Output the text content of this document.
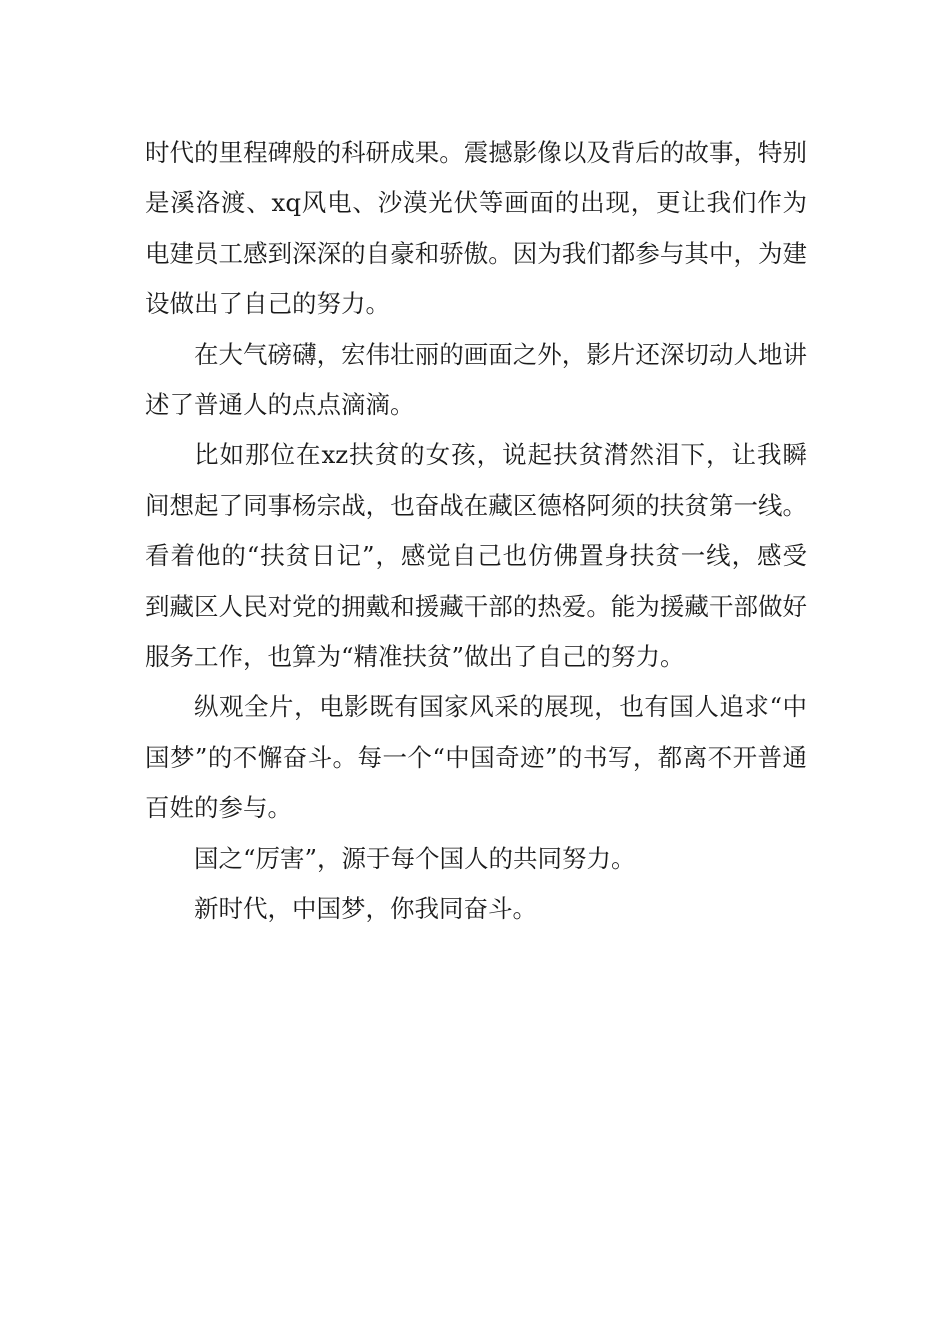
时代的里程碑般的科研成果。震撼影像以及背后的故事，特别是溪洛渡、xq风电、沙漠光伏等画面的出现，更让我们作为电建员工感到深深的自豪和骄傲。因为我们都参与其中，为建设做出了自己的努力。

在大气磅礴，宏伟壮丽的画面之外，影片还深切动人地讲述了普通人的点点滴滴。

比如那位在xz扶贫的女孩，说起扶贫潸然泪下，让我瞬间想起了同事杨宗战，也奋战在藏区德格阿须的扶贫第一线。看着他的“扶贫日记”，感觉自己也仿佛置身扶贫一线，感受到藏区人民对党的拥戴和援藏干部的热爱。能为援藏干部做好服务工作，也算为“精准扶贫”做出了自己的努力。

纵观全片，电影既有国家风采的展现，也有国人追求“中国梦”的不懈奋斗。每一个“中国奇迹”的书写，都离不开普通百姓的参与。

国之“厉害”，源于每个国人的共同努力。

新时代，中国梦，你我同奋斗。
